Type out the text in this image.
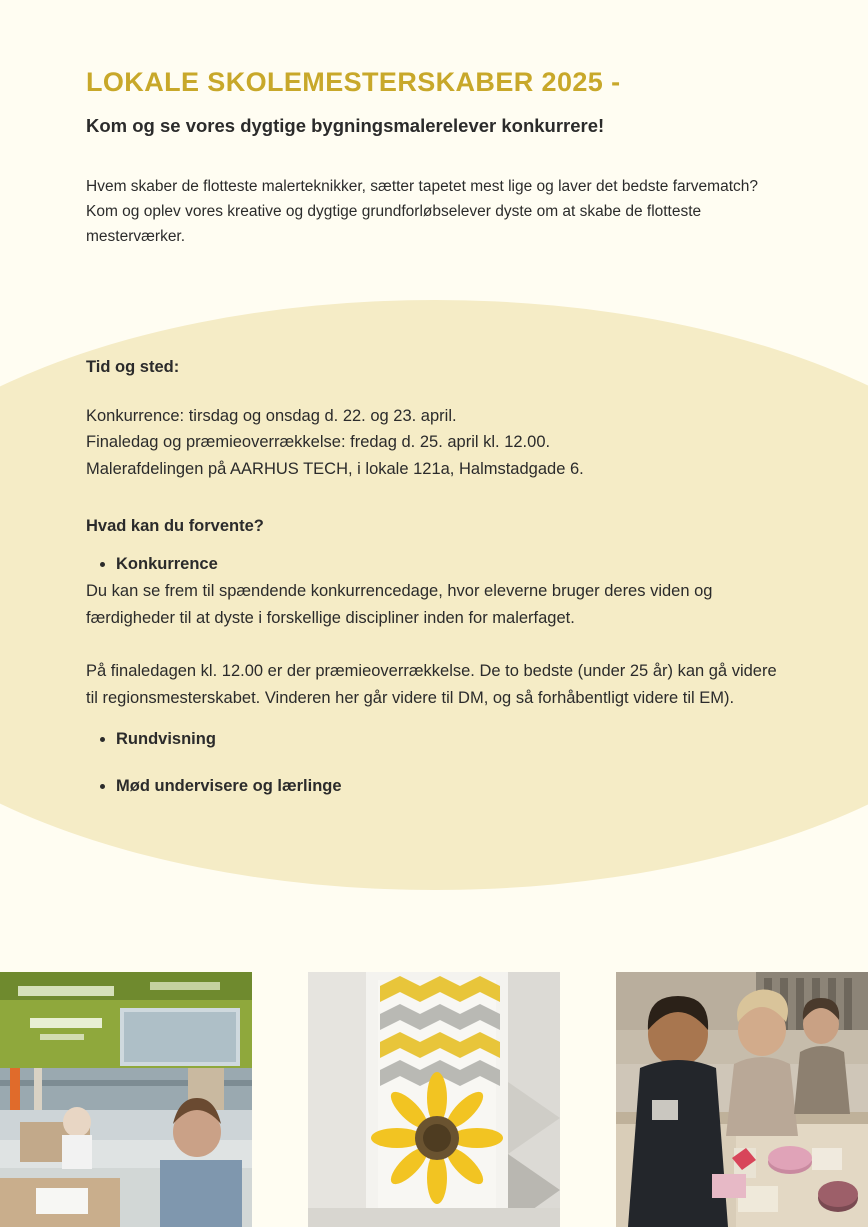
LOKALE SKOLEMESTERSKABER 2025 -

Kom og se vores dygtige bygningsmalerelever konkurrere!

Hvem skaber de flotteste malerteknikker, sætter tapetet mest lige og laver det bedste farvematch? Kom og oplev vores kreative og dygtige grundforløbselever dyste om at skabe de flotteste mesterværker.

Tid og sted:

Konkurrence: tirsdag og onsdag d. 22. og 23. april.
Finaledag og præmieoverrækkelse: fredag d. 25. april kl. 12.00.
Malerafdelingen på AARHUS TECH, i lokale 121a, Halmstadgade 6.

Hvad kan du forvente?

• Konkurrence

Du kan se frem til spændende konkurrencedage, hvor eleverne bruger deres viden og færdigheder til at dyste i forskellige discipliner inden for malerfaget.

På finaledagen kl. 12.00 er der præmieoverrækkelse. De to bedste (under 25 år) kan gå videre til regionsmesterskabet. Vinderen her går videre til DM, og så forhåbentligt videre til EM).

• Rundvisning
• Mød undervisere og lærlinge
